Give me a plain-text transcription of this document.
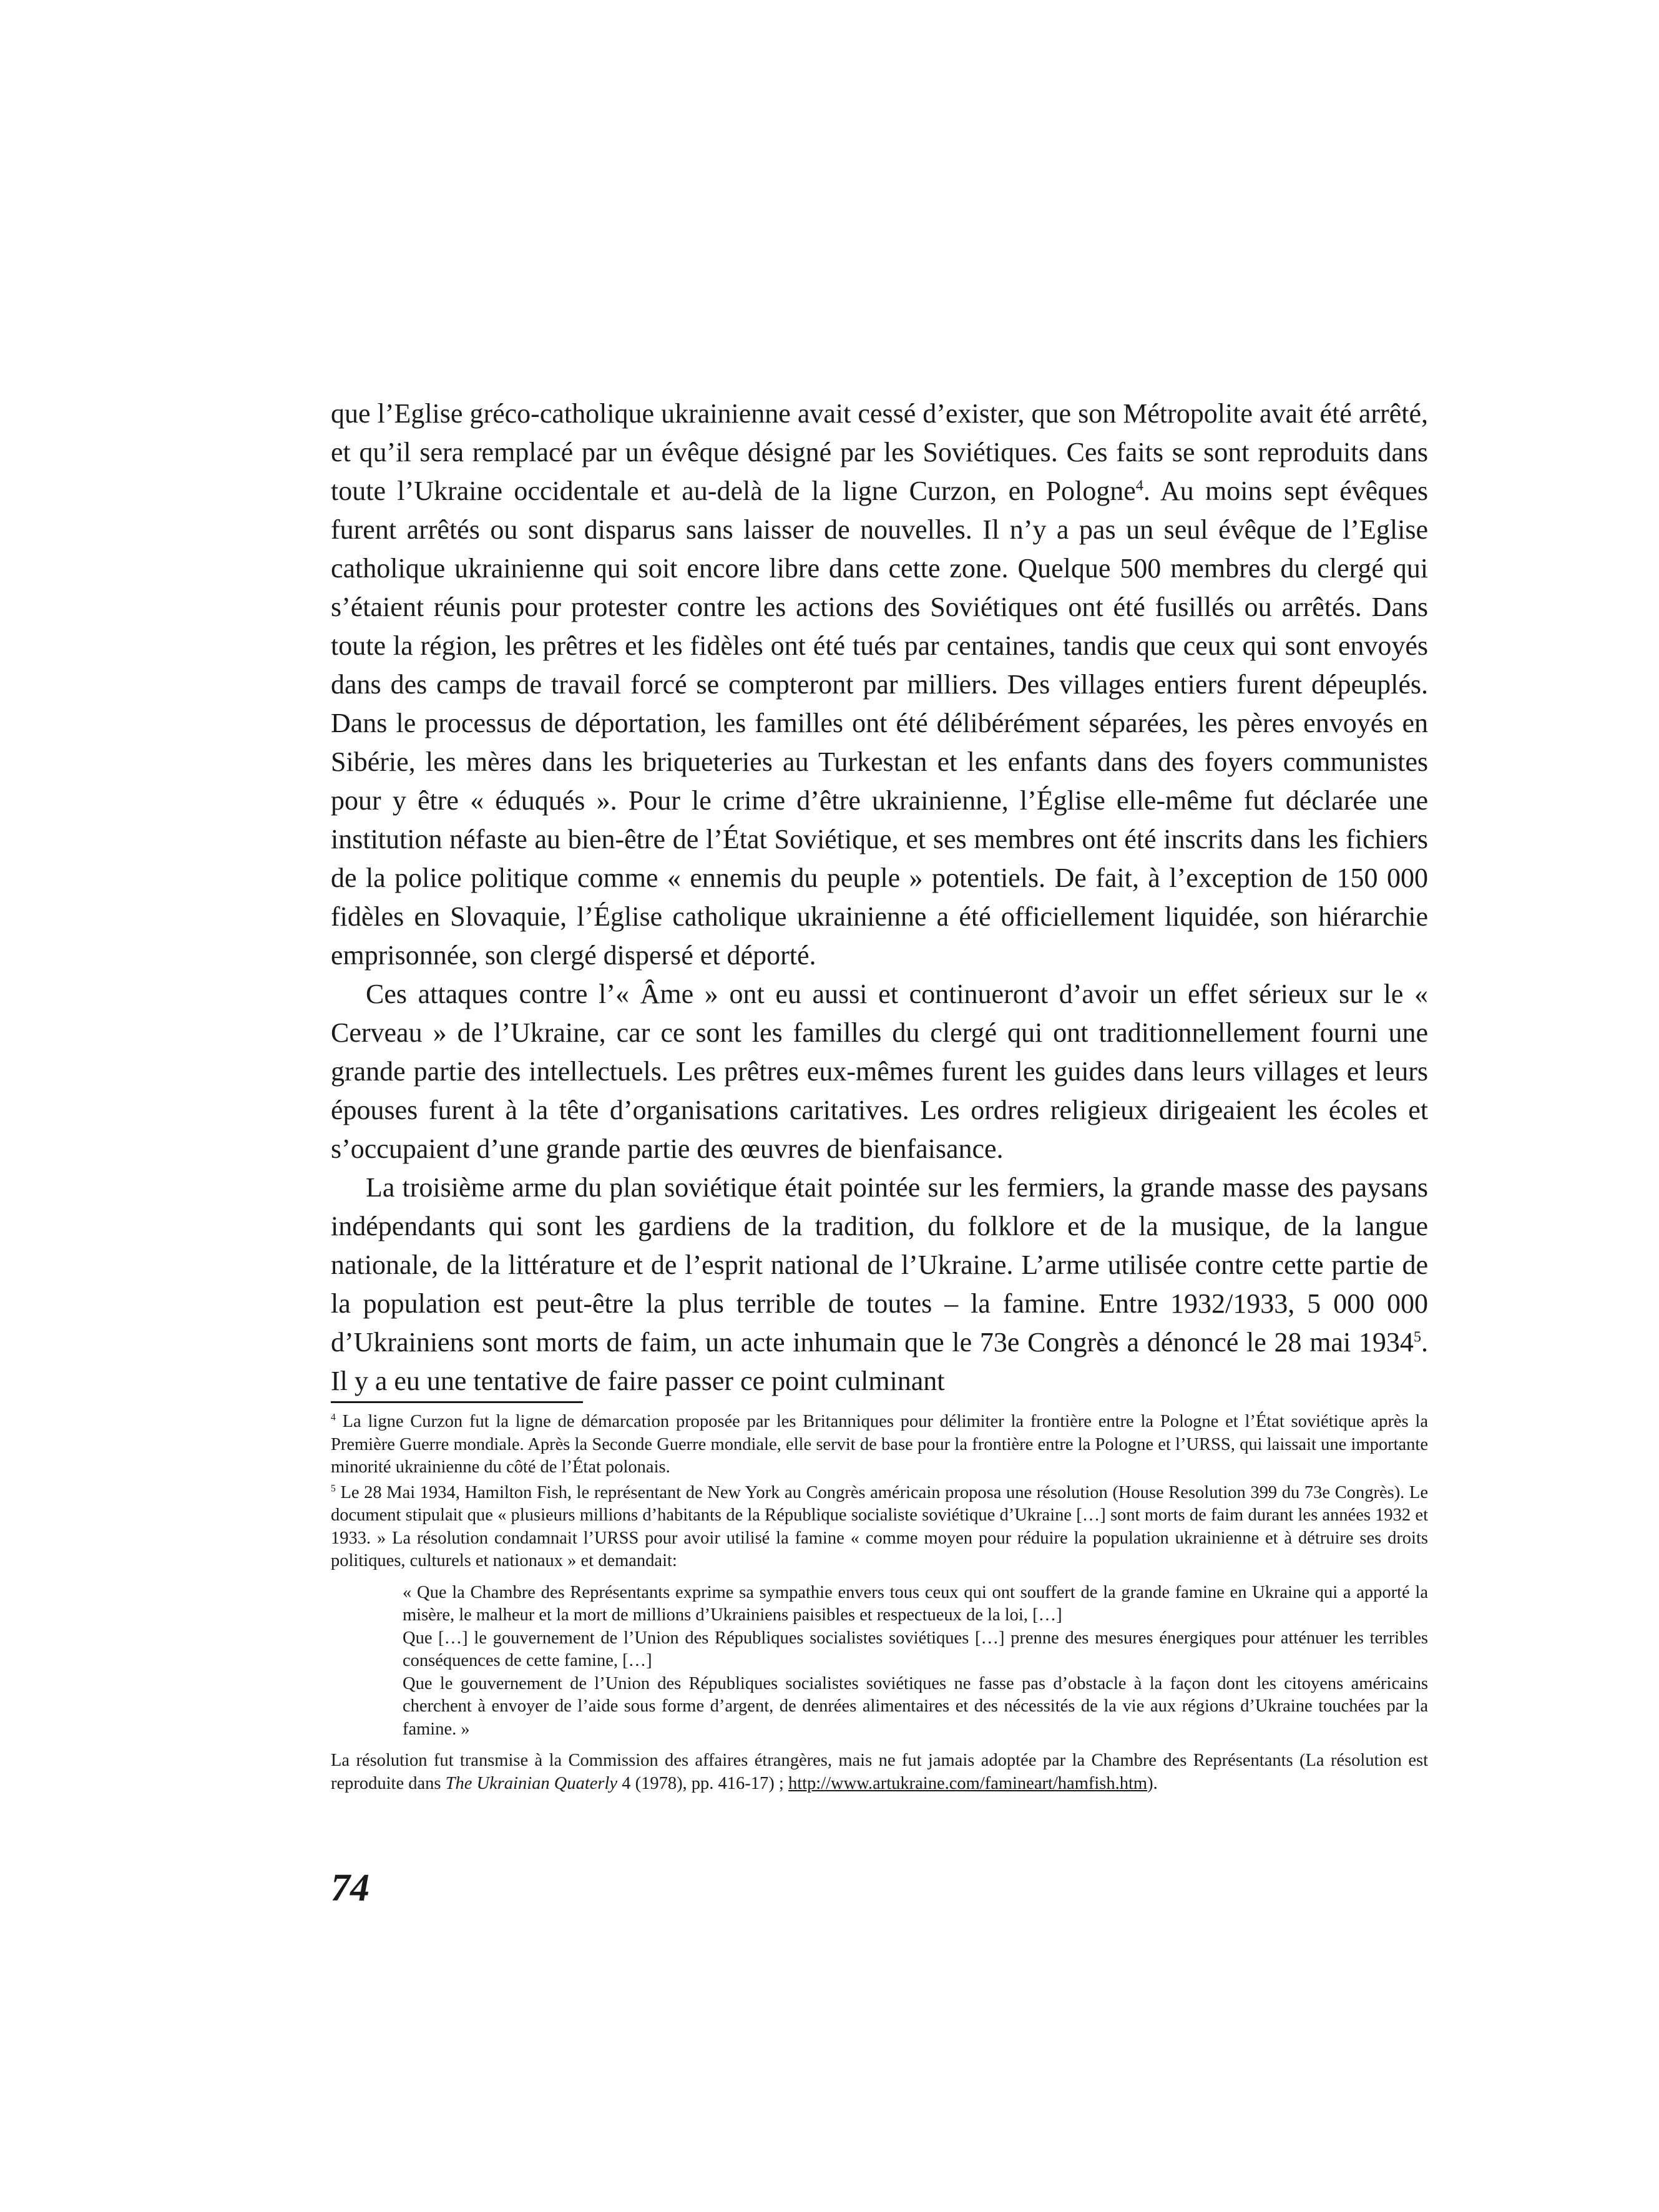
que l’Eglise gréco-catholique ukrainienne avait cessé d’exister, que son Métropolite avait été arrêté, et qu’il sera remplacé par un évêque désigné par les Soviétiques. Ces faits se sont reproduits dans toute l’Ukraine occidentale et au-delà de la ligne Curzon, en Pologne$^4$. Au moins sept évêques furent arrêtés ou sont disparus sans laisser de nouvelles. Il n’y a pas un seul évêque de l’Eglise catholique ukrainienne qui soit encore libre dans cette zone. Quelque 500 membres du clergé qui s’étaient réunis pour protester contre les actions des Soviétiques ont été fusillés ou arrêtés. Dans toute la région, les prêtres et les fidèles ont été tués par centaines, tandis que ceux qui sont envoyés dans des camps de travail forcé se compteront par milliers. Des villages entiers furent dépeuplés. Dans le processus de déportation, les familles ont été délibérément séparées, les pères envoyés en Sibérie, les mères dans les briqueteries au Turkestan et les enfants dans des foyers communistes pour y être « éduqués ». Pour le crime d’être ukrainienne, l’Église elle-même fut déclarée une institution néfaste au bien-être de l’État Soviétique, et ses membres ont été inscrits dans les fichiers de la police politique comme « ennemis du peuple » potentiels. De fait, à l’exception de 150 000 fidèles en Slovaquie, l’Église catholique ukrainienne a été officiellement liquidée, son hiérarchie emprisonnée, son clergé dispersé et déporté.

Ces attaques contre l’« Âme » ont eu aussi et continueront d’avoir un effet sérieux sur le « Cerveau » de l’Ukraine, car ce sont les familles du clergé qui ont traditionnellement fourni une grande partie des intellectuels. Les prêtres eux-mêmes furent les guides dans leurs villages et leurs épouses furent à la tête d’organisations caritatives. Les ordres religieux dirigeaient les écoles et s’occupaient d’une grande partie des œuvres de bienfaisance.

La troisième arme du plan soviétique était pointée sur les fermiers, la grande masse des paysans indépendants qui sont les gardiens de la tradition, du folklore et de la musique, de la langue nationale, de la littérature et de l’esprit national de l’Ukraine. L’arme utilisée contre cette partie de la population est peut-être la plus terrible de toutes – la famine. Entre 1932/1933, 5 000 000 d’Ukrainiens sont morts de faim, un acte inhumain que le 73e Congrès a dénoncé le 28 mai 1934$^5$. Il y a eu une tentative de faire passer ce point culminant

$^4$ La ligne Curzon fut la ligne de démarcation proposée par les Britanniques pour délimiter la frontière entre la Pologne et l’État soviétique après la Première Guerre mondiale. Après la Seconde Guerre mondiale, elle servit de base pour la frontière entre la Pologne et l’URSS, qui laissait une importante minorité ukrainienne du côté de l’État polonais.

$^5$ Le 28 Mai 1934, Hamilton Fish, le représentant de New York au Congrès américain proposa une résolution (House Resolution 399 du 73e Congrès). Le document stipulait que « plusieurs millions d’habitants de la République socialiste soviétique d’Ukraine […] sont morts de faim durant les années 1932 et 1933. » La résolution condamnait l’URSS pour avoir utilisé la famine « comme moyen pour réduire la population ukrainienne et à détruire ses droits politiques, culturels et nationaux » et demandait:

« Que la Chambre des Représentants exprime sa sympathie envers tous ceux qui ont souffert de la grande famine en Ukraine qui a apporté la misère, le malheur et la mort de millions d’Ukrainiens paisibles et respectueux de la loi, […]

Que […] le gouvernement de l’Union des Républiques socialistes soviétiques […] prenne des mesures énergiques pour atténuer les terribles conséquences de cette famine, […]

Que le gouvernement de l’Union des Républiques socialistes soviétiques ne fasse pas d’obstacle à la façon dont les citoyens américains cherchent à envoyer de l’aide sous forme d’argent, de denrées alimentaires et des nécessités de la vie aux régions d’Ukraine touchées par la famine. »

La résolution fut transmise à la Commission des affaires étrangères, mais ne fut jamais adoptée par la Chambre des Représentants (La résolution est reproduite dans The Ukrainian Quaterly 4 (1978), pp. 416-17) ; http://www.artukraine.com/famineart/hamfish.htm).

74
